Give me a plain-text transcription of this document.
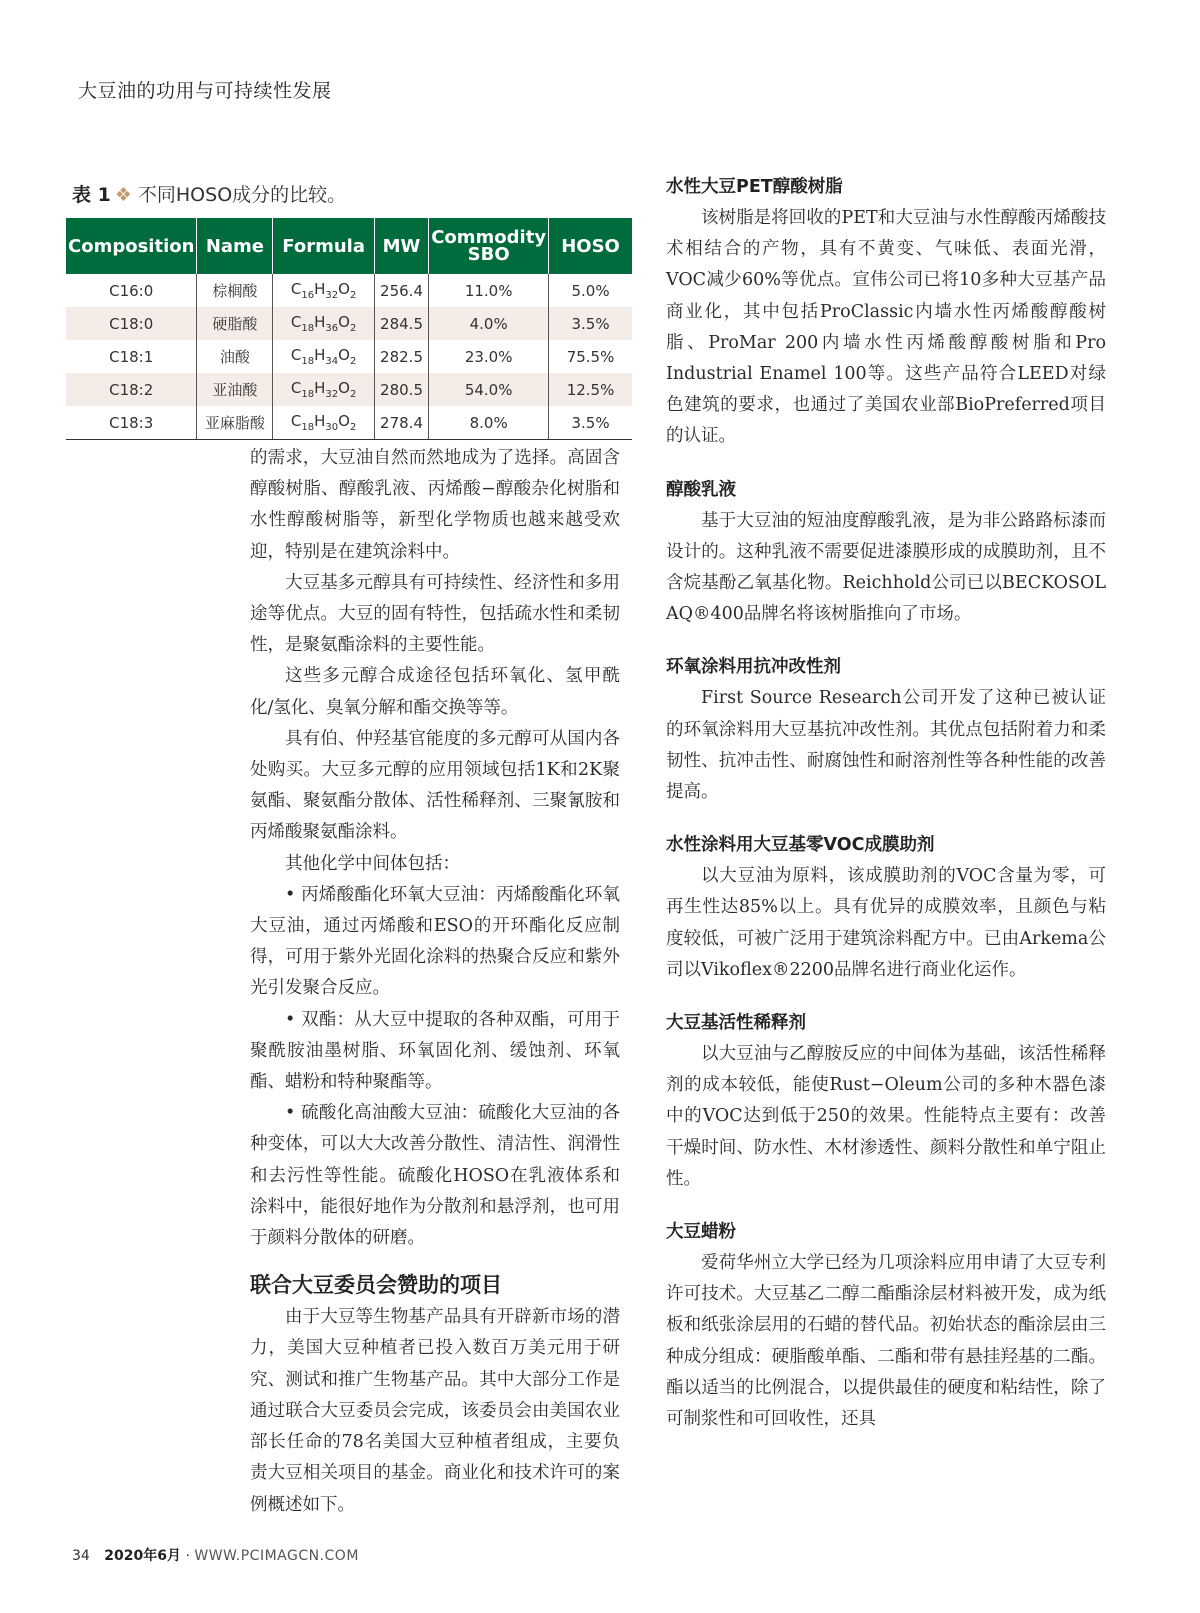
大豆油的功用与可持续性发展
表 1 ❖ 不同HOSO成分的比较。
Composition	Name	Formula	MW	Commodity SBO	HOSO
C16:0	棕榈酸	$C_{16}H_{32}O_2$	256.4	11.0%	5.0%
C18:0	硬脂酸	$C_{18}H_{36}O_2$	284.5	4.0%	3.5%
C18:1	油酸	$C_{18}H_{34}O_2$	282.5	23.0%	75.5%
C18:2	亚油酸	$C_{18}H_{32}O_2$	280.5	54.0%	12.5%
C18:3	亚麻脂酸	$C_{18}H_{30}O_2$	278.4	8.0%	3.5%

的需求，大豆油自然而然地成为了选择。高固含醇酸树脂、醇酸乳液、丙烯酸−醇酸杂化树脂和水性醇酸树脂等，新型化学物质也越来越受欢迎，特别是在建筑涂料中。

大豆基多元醇具有可持续性、经济性和多用途等优点。大豆的固有特性，包括疏水性和柔韧性，是聚氨酯涂料的主要性能。

这些多元醇合成途径包括环氧化、氢甲酰化/氢化、臭氧分解和酯交换等等。

具有伯、仲羟基官能度的多元醇可从国内各处购买。大豆多元醇的应用领域包括1K和2K聚氨酯、聚氨酯分散体、活性稀释剂、三聚氰胺和丙烯酸聚氨酯涂料。

其他化学中间体包括：

• 丙烯酸酯化环氧大豆油：丙烯酸酯化环氧大豆油，通过丙烯酸和ESO的开环酯化反应制得，可用于紫外光固化涂料的热聚合反应和紫外光引发聚合反应。

• 双酯：从大豆中提取的各种双酯，可用于聚酰胺油墨树脂、环氧固化剂、缓蚀剂、环氧酯、蜡粉和特种聚酯等。

• 硫酸化高油酸大豆油：硫酸化大豆油的各种变体，可以大大改善分散性、清洁性、润滑性和去污性等性能。硫酸化HOSO在乳液体系和涂料中，能很好地作为分散剂和悬浮剂，也可用于颜料分散体的研磨。

联合大豆委员会赞助的项目

由于大豆等生物基产品具有开辟新市场的潜力，美国大豆种植者已投入数百万美元用于研究、测试和推广生物基产品。其中大部分工作是通过联合大豆委员会完成，该委员会由美国农业部长任命的78名美国大豆种植者组成，主要负责大豆相关项目的基金。商业化和技术许可的案例概述如下。

水性大豆PET醇酸树脂

该树脂是将回收的PET和大豆油与水性醇酸丙烯酸技术相结合的产物，具有不黄变、气味低、表面光滑，VOC减少60%等优点。宣伟公司已将10多种大豆基产品商业化，其中包括ProClassic内墙水性丙烯酸醇酸树脂、ProMar 200内墙水性丙烯酸醇酸树脂和Pro Industrial Enamel 100等。这些产品符合LEED对绿色建筑的要求，也通过了美国农业部BioPreferred项目的认证。

醇酸乳液

基于大豆油的短油度醇酸乳液，是为非公路路标漆而设计的。这种乳液不需要促进漆膜形成的成膜助剂，且不含烷基酚乙氧基化物。Reichhold公司已以BECKOSOL AQ®400品牌名将该树脂推向了市场。

环氧涂料用抗冲改性剂

First Source Research公司开发了这种已被认证的环氧涂料用大豆基抗冲改性剂。其优点包括附着力和柔韧性、抗冲击性、耐腐蚀性和耐溶剂性等各种性能的改善提高。

水性涂料用大豆基零VOC成膜助剂

以大豆油为原料，该成膜助剂的VOC含量为零，可再生性达85%以上。具有优异的成膜效率，且颜色与粘度较低，可被广泛用于建筑涂料配方中。已由Arkema公司以Vikoflex®2200品牌名进行商业化运作。

大豆基活性稀释剂

以大豆油与乙醇胺反应的中间体为基础，该活性稀释剂的成本较低，能使Rust−Oleum公司的多种木器色漆中的VOC达到低于250的效果。性能特点主要有：改善干燥时间、防水性、木材渗透性、颜料分散性和单宁阻止性。

大豆蜡粉

爱荷华州立大学已经为几项涂料应用申请了大豆专利许可技术。大豆基乙二醇二酯酯涂层材料被开发，成为纸板和纸张涂层用的石蜡的替代品。初始状态的酯涂层由三种成分组成：硬脂酸单酯、二酯和带有悬挂羟基的二酯。酯以适当的比例混合，以提供最佳的硬度和粘结性，除了可制浆性和可回收性，还具

34 2020年6月 · WWW.PCIMAGCN.COM
